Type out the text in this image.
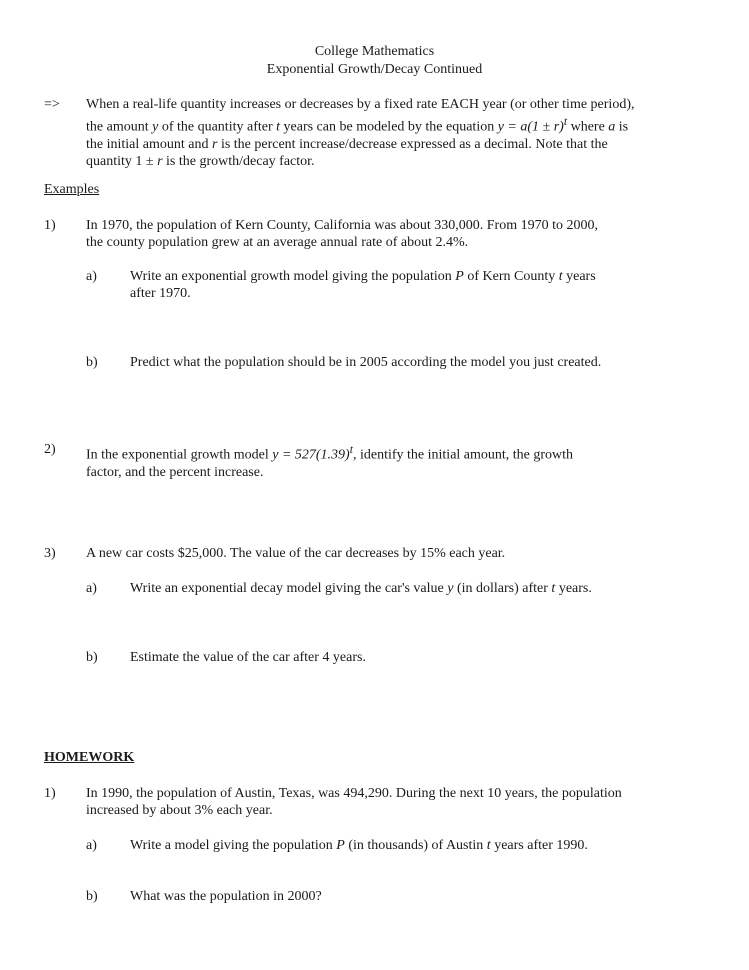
College Mathematics
Exponential Growth/Decay Continued
=> When a real-life quantity increases or decreases by a fixed rate EACH year (or other time period),
the amount y of the quantity after t years can be modeled by the equation $y = a(1 \pm r)^t$ where a is
the initial amount and r is the percent increase/decrease expressed as a decimal. Note that the
quantity 1 ± r is the growth/decay factor.
Examples
1) In 1970, the population of Kern County, California was about 330,000. From 1970 to 2000,
the county population grew at an average annual rate of about 2.4%.
a) Write an exponential growth model giving the population P of Kern County t years
after 1970.
b) Predict what the population should be in 2005 according the model you just created.
2) In the exponential growth model $y = 527(1.39)^t$, identify the initial amount, the growth
factor, and the percent increase.
3) A new car costs $25,000. The value of the car decreases by 15% each year.
a) Write an exponential decay model giving the car's value y (in dollars) after t years.
b) Estimate the value of the car after 4 years.
HOMEWORK
1) In 1990, the population of Austin, Texas, was 494,290. During the next 10 years, the population
increased by about 3% each year.
a) Write a model giving the population P (in thousands) of Austin t years after 1990.
b) What was the population in 2000?
